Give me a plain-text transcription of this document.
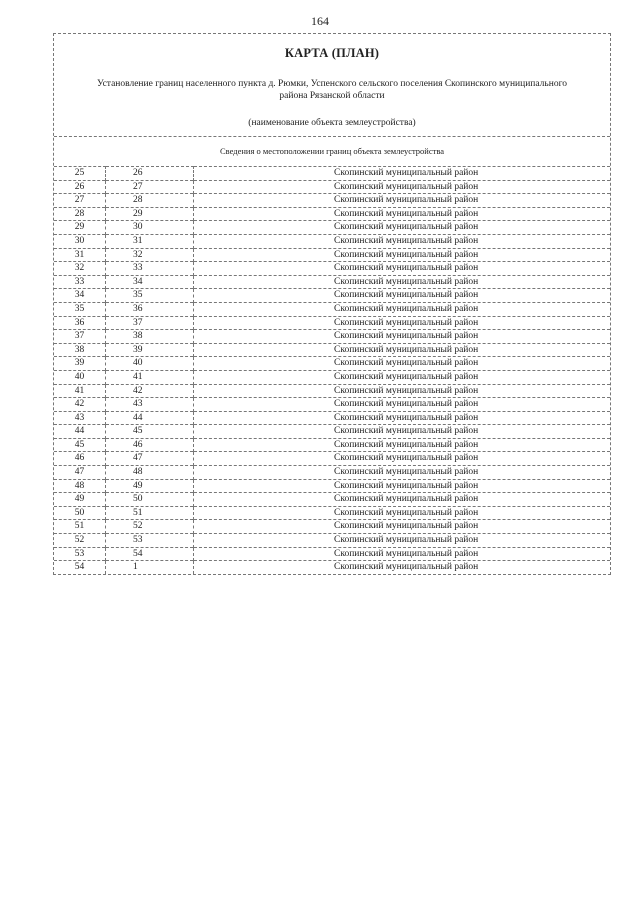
164
КАРТА (ПЛАН)
Установление границ населенного пункта д. Рюмки, Успенского сельского поселения Скопинского муниципального района Рязанской области
(наименование объекта землеустройства)
Сведения о местоположении границ объекта землеустройства
25	26	Скопинский муниципальный район
26	27	Скопинский муниципальный район
27	28	Скопинский муниципальный район
28	29	Скопинский муниципальный район
29	30	Скопинский муниципальный район
30	31	Скопинский муниципальный район
31	32	Скопинский муниципальный район
32	33	Скопинский муниципальный район
33	34	Скопинский муниципальный район
34	35	Скопинский муниципальный район
35	36	Скопинский муниципальный район
36	37	Скопинский муниципальный район
37	38	Скопинский муниципальный район
38	39	Скопинский муниципальный район
39	40	Скопинский муниципальный район
40	41	Скопинский муниципальный район
41	42	Скопинский муниципальный район
42	43	Скопинский муниципальный район
43	44	Скопинский муниципальный район
44	45	Скопинский муниципальный район
45	46	Скопинский муниципальный район
46	47	Скопинский муниципальный район
47	48	Скопинский муниципальный район
48	49	Скопинский муниципальный район
49	50	Скопинский муниципальный район
50	51	Скопинский муниципальный район
51	52	Скопинский муниципальный район
52	53	Скопинский муниципальный район
53	54	Скопинский муниципальный район
54	1	Скопинский муниципальный район
